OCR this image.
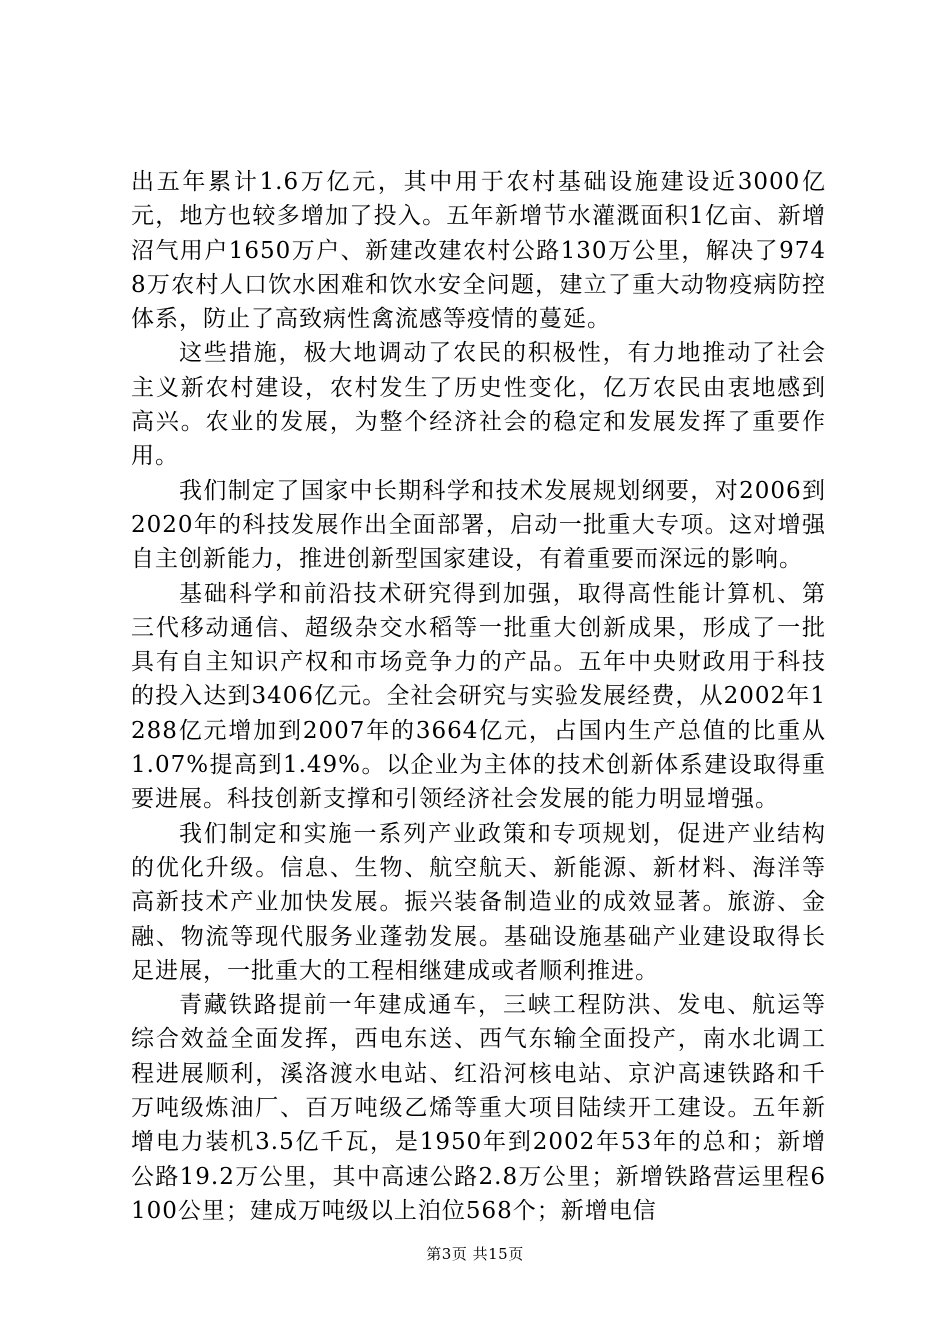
出五年累计1.6万亿元，其中用于农村基础设施建设近3000亿元，地方也较多增加了投入。五年新增节水灌溉面积1亿亩、新增沼气用户1650万户、新建改建农村公路130万公里，解决了9748万农村人口饮水困难和饮水安全问题，建立了重大动物疫病防控体系，防止了高致病性禽流感等疫情的蔓延。

这些措施，极大地调动了农民的积极性，有力地推动了社会主义新农村建设，农村发生了历史性变化，亿万农民由衷地感到高兴。农业的发展，为整个经济社会的稳定和发展发挥了重要作用。

我们制定了国家中长期科学和技术发展规划纲要，对2006到2020年的科技发展作出全面部署，启动一批重大专项。这对增强自主创新能力，推进创新型国家建设，有着重要而深远的影响。

基础科学和前沿技术研究得到加强，取得高性能计算机、第三代移动通信、超级杂交水稻等一批重大创新成果，形成了一批具有自主知识产权和市场竞争力的产品。五年中央财政用于科技的投入达到3406亿元。全社会研究与实验发展经费，从2002年1288亿元增加到2007年的3664亿元，占国内生产总值的比重从1.07%提高到1.49%。以企业为主体的技术创新体系建设取得重要进展。科技创新支撑和引领经济社会发展的能力明显增强。

我们制定和实施一系列产业政策和专项规划，促进产业结构的优化升级。信息、生物、航空航天、新能源、新材料、海洋等高新技术产业加快发展。振兴装备制造业的成效显著。旅游、金融、物流等现代服务业蓬勃发展。基础设施基础产业建设取得长足进展，一批重大的工程相继建成或者顺利推进。

青藏铁路提前一年建成通车，三峡工程防洪、发电、航运等综合效益全面发挥，西电东送、西气东输全面投产，南水北调工程进展顺利，溪洛渡水电站、红沿河核电站、京沪高速铁路和千万吨级炼油厂、百万吨级乙烯等重大项目陆续开工建设。五年新增电力装机3.5亿千瓦，是1950年到2002年53年的总和；新增公路19.2万公里，其中高速公路2.8万公里；新增铁路营运里程6100公里；建成万吨级以上泊位568个；新增电信

第3页 共15页
